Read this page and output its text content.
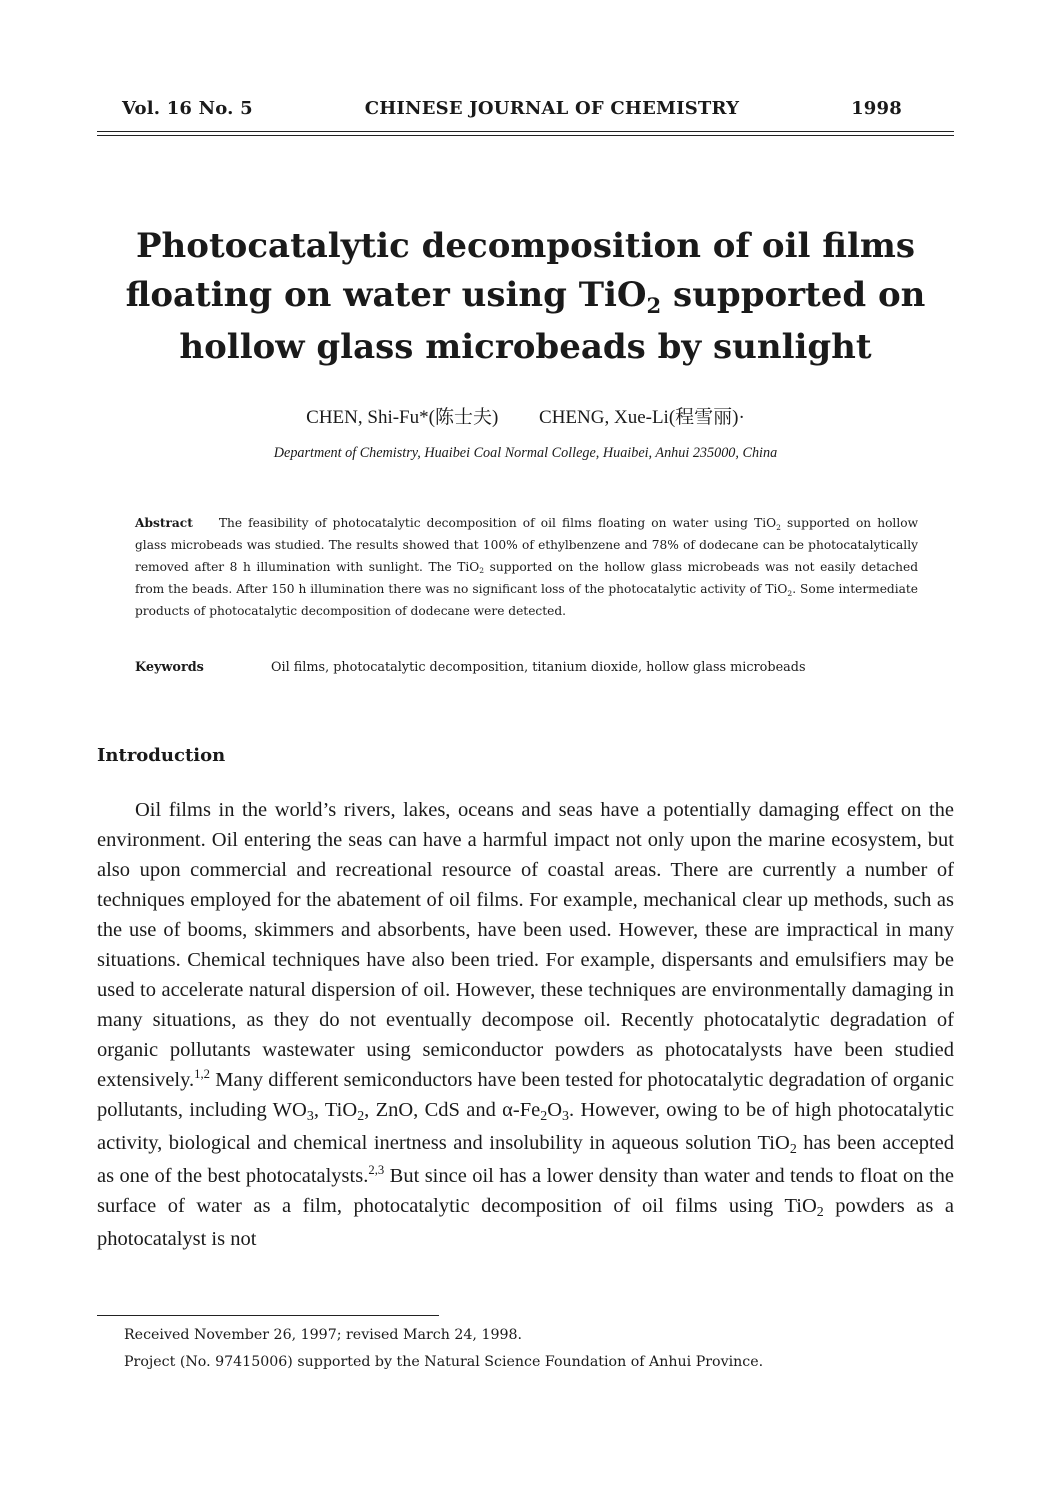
Vol. 16 No. 5	CHINESE JOURNAL OF CHEMISTRY	1998
Photocatalytic decomposition of oil films
floating on water using TiO$_2$ supported on
hollow glass microbeads by sunlight
CHEN, Shi-Fu*(陈士夫) CHENG, Xue-Li(程雪丽)·
Department of Chemistry, Huaibei Coal Normal College, Huaibei, Anhui 235000, China
Abstract The feasibility of photocatalytic decomposition of oil films floating on water using TiO$_2$ supported on hollow glass microbeads was studied. The results showed that 100% of ethylbenzene and 78% of dodecane can be photocatalytically removed after 8 h illumination with sunlight. The TiO$_2$ supported on the hollow glass microbeads was not easily detached from the beads. After 150 h illumination there was no significant loss of the photocatalytic activity of TiO$_2$. Some intermediate products of photocatalytic decomposition of dodecane were detected.
Keywords	Oil films, photocatalytic decomposition, titanium dioxide, hollow glass microbeads
Introduction

Oil films in the world’s rivers, lakes, oceans and seas have a potentially damaging effect on the environment. Oil entering the seas can have a harmful impact not only upon the marine ecosystem, but also upon commercial and recreational resource of coastal areas. There are currently a number of techniques employed for the abatement of oil films. For example, mechanical clear up methods, such as the use of booms, skimmers and absorbents, have been used. However, these are impractical in many situations. Chemical techniques have also been tried. For example, dispersants and emulsifiers may be used to accelerate natural dispersion of oil. However, these techniques are environmentally damaging in many situations, as they do not eventually decompose oil. Recently photocatalytic degradation of organic pollutants wastewater using semiconductor powders as photocatalysts have been studied extensively.$^{1,2}$ Many different semiconductors have been tested for photocatalytic degradation of organic pollutants, including $WO_3$, TiO$_2$, ZnO, CdS and $\alpha-Fe_2O_3$. However, owing to be of high photocatalytic activity, biological and chemical inertness and insolubility in aqueous solution TiO$_2$ has been accepted as one of the best photocatalysts.$^{2,3}$ But since oil has a lower density than water and tends to float on the surface of water as a film, photocatalytic decomposition of oil films using TiO$_2$ powders as a photocatalyst is not

Received November 26, 1997; revised March 24, 1998.
Project (No. 97415006) supported by the Natural Science Foundation of Anhui Province.
